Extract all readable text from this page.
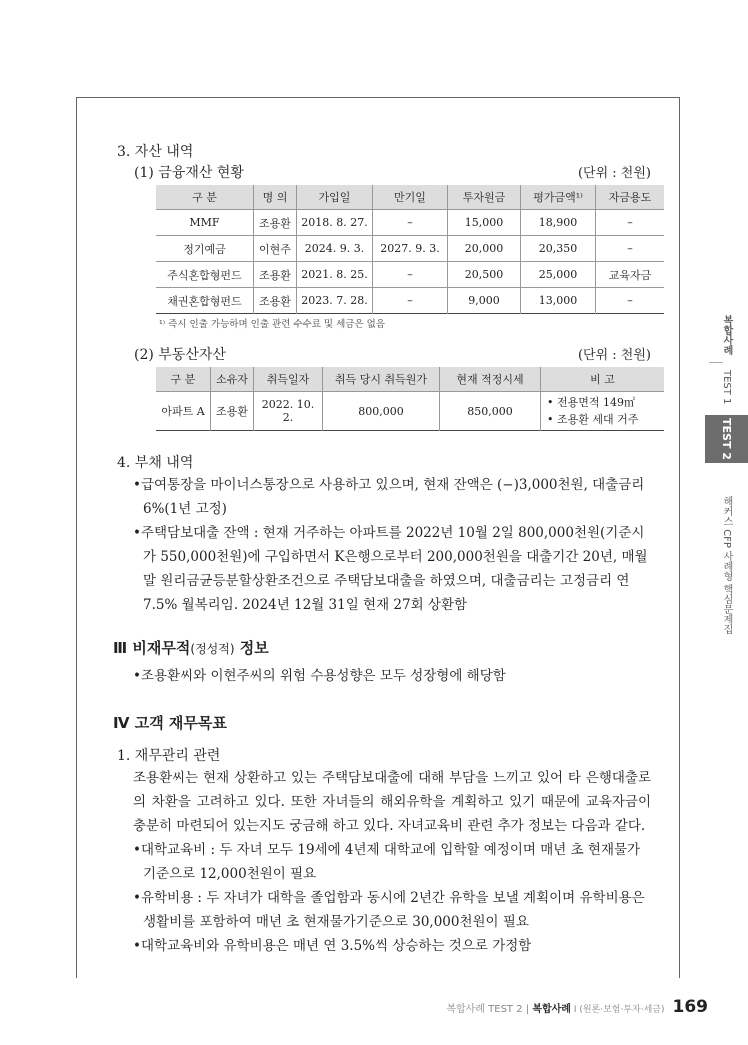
3. 자산 내역
(1) 금융재산 현황	(단위 : 천원)
구 분	명 의	가입일	만기일	투자원금	평가금액¹⁾	자금용도
MMF	조용환	2018. 8. 27.	–	15,000	18,900	–
정기예금	이현주	2024. 9. 3.	2027. 9. 3.	20,000	20,350	–
주식혼합형펀드	조용환	2021. 8. 25.	–	20,500	25,000	교육자금
채권혼합형펀드	조용환	2023. 7. 28.	–	9,000	13,000	–
¹⁾ 즉시 인출 가능하며 인출 관련 수수료 및 세금은 없음
(2) 부동산자산	(단위 : 천원)
구 분	소유자	취득일자	취득 당시 취득원가	현재 적정시세	비 고
아파트 A	조용환	2022. 10. 2.	800,000	850,000	• 전용면적 149㎡
• 조용환 세대 거주
4. 부채 내역
•급여통장을 마이너스통장으로 사용하고 있으며, 현재 잔액은 (−)3,000천원, 대출금리 6%(1년 고정)
•주택담보대출 잔액 : 현재 거주하는 아파트를 2022년 10월 2일 800,000천원(기준시가 550,000천원)에 구입하면서 K은행으로부터 200,000천원을 대출기간 20년, 매월 말 원리금균등분할상환조건으로 주택담보대출을 하였으며, 대출금리는 고정금리 연 7.5% 월복리임. 2024년 12월 31일 현재 27회 상환함
Ⅲ 비재무적(정성적) 정보
•조용환씨와 이현주씨의 위험 수용성향은 모두 성장형에 해당함
Ⅳ 고객 재무목표
1. 재무관리 관련
조용환씨는 현재 상환하고 있는 주택담보대출에 대해 부담을 느끼고 있어 타 은행대출로의 차환을 고려하고 있다. 또한 자녀들의 해외유학을 계획하고 있기 때문에 교육자금이 충분히 마련되어 있는지도 궁금해 하고 있다. 자녀교육비 관련 추가 정보는 다음과 같다.
•대학교육비 : 두 자녀 모두 19세에 4년제 대학교에 입학할 예정이며 매년 초 현재물가기준으로 12,000천원이 필요
•유학비용 : 두 자녀가 대학을 졸업함과 동시에 2년간 유학을 보낼 계획이며 유학비용은 생활비를 포함하여 매년 초 현재물가기준으로 30,000천원이 필요
•대학교육비와 유학비용은 매년 연 3.5%씩 상승하는 것으로 가정함
복합사례 TEST 2 | 복합사례 I (원론·보험·투자·세금) 169
복합사례
TEST 1
TEST 2
해커스 CFP 사례형 핵심문제집
